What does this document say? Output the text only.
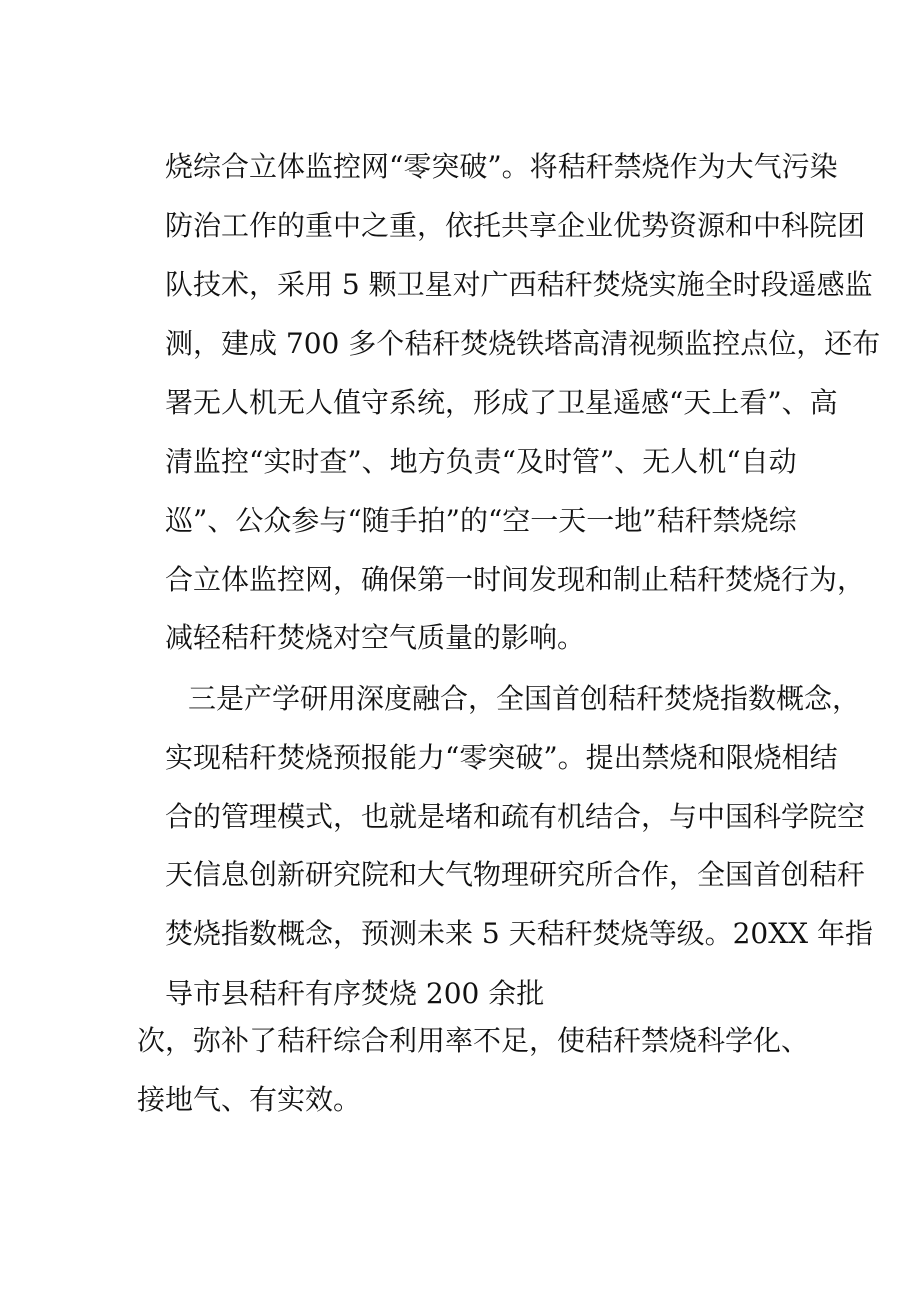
烧综合立体监控网“零突破”。将秸秆禁烧作为大气污染
防治工作的重中之重，依托共享企业优势资源和中科院团
队技术，采用 5 颗卫星对广西秸秆焚烧实施全时段遥感监
测，建成 700 多个秸秆焚烧铁塔高清视频监控点位，还布
署无人机无人值守系统，形成了卫星遥感“天上看”、高
清监控“实时查”、地方负责“及时管”、无人机“自动
巡”、公众参与“随手拍”的“空一天一地”秸秆禁烧综
合立体监控网，确保第一时间发现和制止秸秆焚烧行为，
减轻秸秆焚烧对空气质量的影响。
三是产学研用深度融合，全国首创秸秆焚烧指数概念，
实现秸秆焚烧预报能力“零突破”。提出禁烧和限烧相结
合的管理模式，也就是堵和疏有机结合，与中国科学院空
天信息创新研究院和大气物理研究所合作，全国首创秸秆
焚烧指数概念，预测未来 5 天秸秆焚烧等级。20XX 年指
导市县秸秆有序焚烧 200 余批
次，弥补了秸秆综合利用率不足，使秸秆禁烧科学化、
接地气、有实效。
